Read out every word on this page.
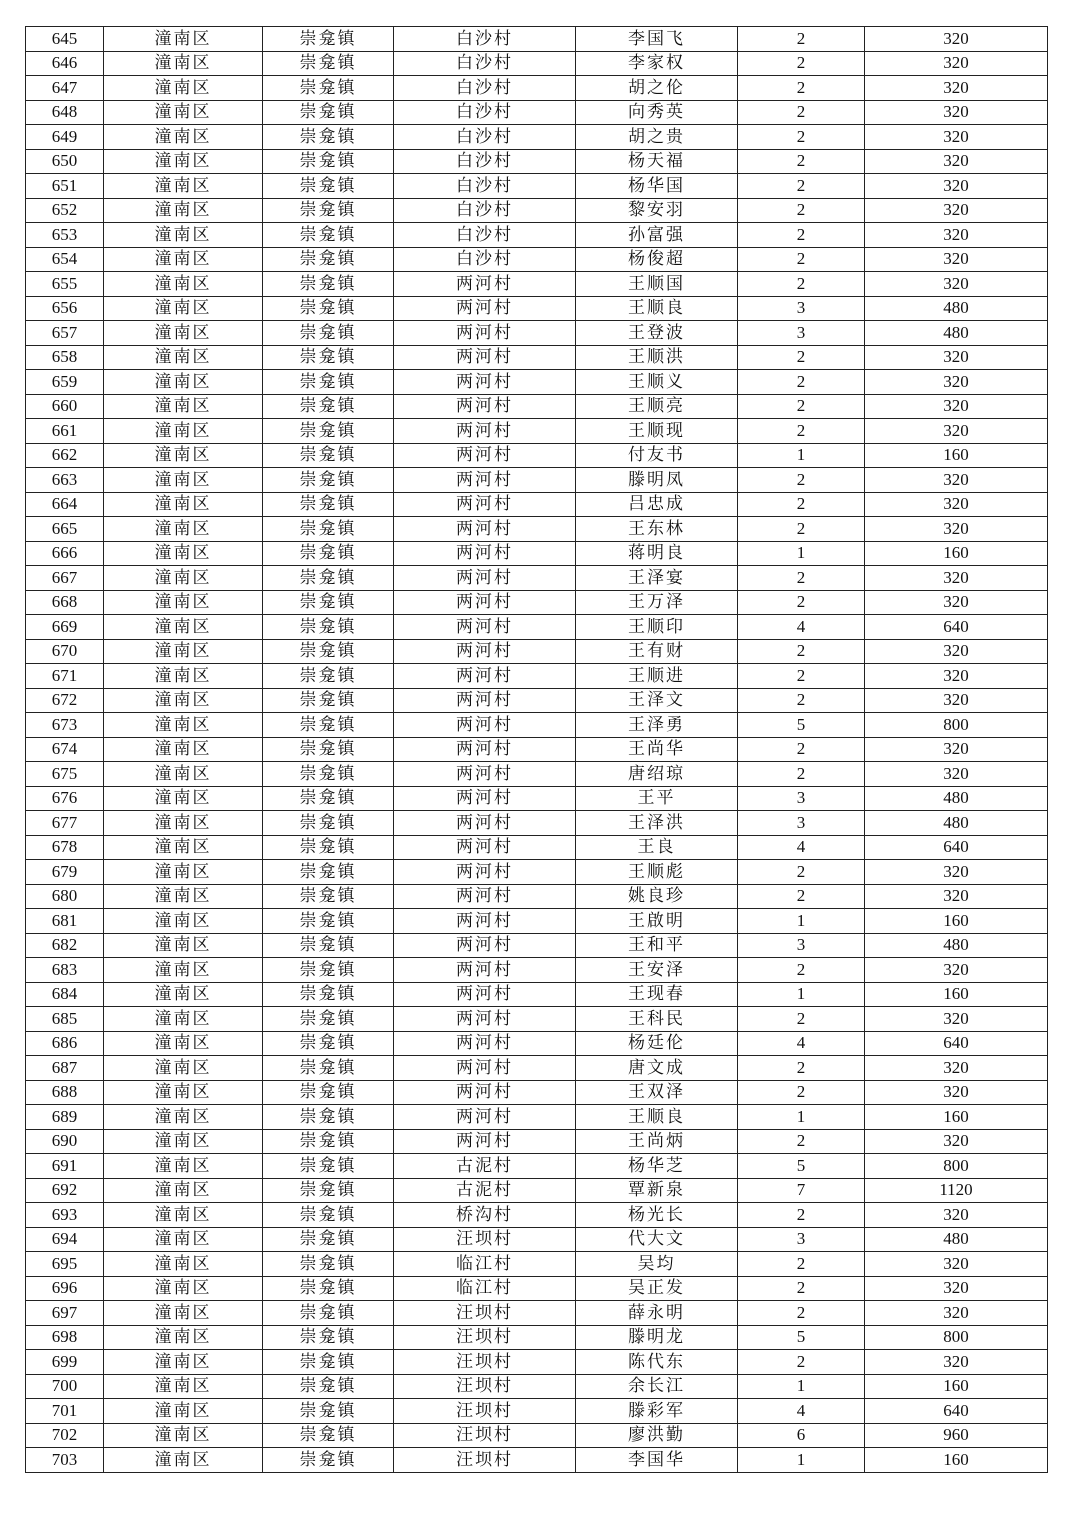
645	潼南区	崇龛镇	白沙村	李国飞	2	320
646	潼南区	崇龛镇	白沙村	李家权	2	320
647	潼南区	崇龛镇	白沙村	胡之伦	2	320
648	潼南区	崇龛镇	白沙村	向秀英	2	320
649	潼南区	崇龛镇	白沙村	胡之贵	2	320
650	潼南区	崇龛镇	白沙村	杨天福	2	320
651	潼南区	崇龛镇	白沙村	杨华国	2	320
652	潼南区	崇龛镇	白沙村	黎安羽	2	320
653	潼南区	崇龛镇	白沙村	孙富强	2	320
654	潼南区	崇龛镇	白沙村	杨俊超	2	320
655	潼南区	崇龛镇	两河村	王顺国	2	320
656	潼南区	崇龛镇	两河村	王顺良	3	480
657	潼南区	崇龛镇	两河村	王登波	3	480
658	潼南区	崇龛镇	两河村	王顺洪	2	320
659	潼南区	崇龛镇	两河村	王顺义	2	320
660	潼南区	崇龛镇	两河村	王顺亮	2	320
661	潼南区	崇龛镇	两河村	王顺现	2	320
662	潼南区	崇龛镇	两河村	付友书	1	160
663	潼南区	崇龛镇	两河村	滕明凤	2	320
664	潼南区	崇龛镇	两河村	吕忠成	2	320
665	潼南区	崇龛镇	两河村	王东林	2	320
666	潼南区	崇龛镇	两河村	蒋明良	1	160
667	潼南区	崇龛镇	两河村	王泽宴	2	320
668	潼南区	崇龛镇	两河村	王万泽	2	320
669	潼南区	崇龛镇	两河村	王顺印	4	640
670	潼南区	崇龛镇	两河村	王有财	2	320
671	潼南区	崇龛镇	两河村	王顺进	2	320
672	潼南区	崇龛镇	两河村	王泽文	2	320
673	潼南区	崇龛镇	两河村	王泽勇	5	800
674	潼南区	崇龛镇	两河村	王尚华	2	320
675	潼南区	崇龛镇	两河村	唐绍琼	2	320
676	潼南区	崇龛镇	两河村	王平	3	480
677	潼南区	崇龛镇	两河村	王泽洪	3	480
678	潼南区	崇龛镇	两河村	王良	4	640
679	潼南区	崇龛镇	两河村	王顺彪	2	320
680	潼南区	崇龛镇	两河村	姚良珍	2	320
681	潼南区	崇龛镇	两河村	王啟明	1	160
682	潼南区	崇龛镇	两河村	王和平	3	480
683	潼南区	崇龛镇	两河村	王安泽	2	320
684	潼南区	崇龛镇	两河村	王现春	1	160
685	潼南区	崇龛镇	两河村	王科民	2	320
686	潼南区	崇龛镇	两河村	杨廷伦	4	640
687	潼南区	崇龛镇	两河村	唐文成	2	320
688	潼南区	崇龛镇	两河村	王双泽	2	320
689	潼南区	崇龛镇	两河村	王顺良	1	160
690	潼南区	崇龛镇	两河村	王尚炳	2	320
691	潼南区	崇龛镇	古泥村	杨华芝	5	800
692	潼南区	崇龛镇	古泥村	覃新泉	7	1120
693	潼南区	崇龛镇	桥沟村	杨光长	2	320
694	潼南区	崇龛镇	汪坝村	代大文	3	480
695	潼南区	崇龛镇	临江村	吴均	2	320
696	潼南区	崇龛镇	临江村	吴正发	2	320
697	潼南区	崇龛镇	汪坝村	薛永明	2	320
698	潼南区	崇龛镇	汪坝村	滕明龙	5	800
699	潼南区	崇龛镇	汪坝村	陈代东	2	320
700	潼南区	崇龛镇	汪坝村	余长江	1	160
701	潼南区	崇龛镇	汪坝村	滕彩军	4	640
702	潼南区	崇龛镇	汪坝村	廖洪勤	6	960
703	潼南区	崇龛镇	汪坝村	李国华	1	160
